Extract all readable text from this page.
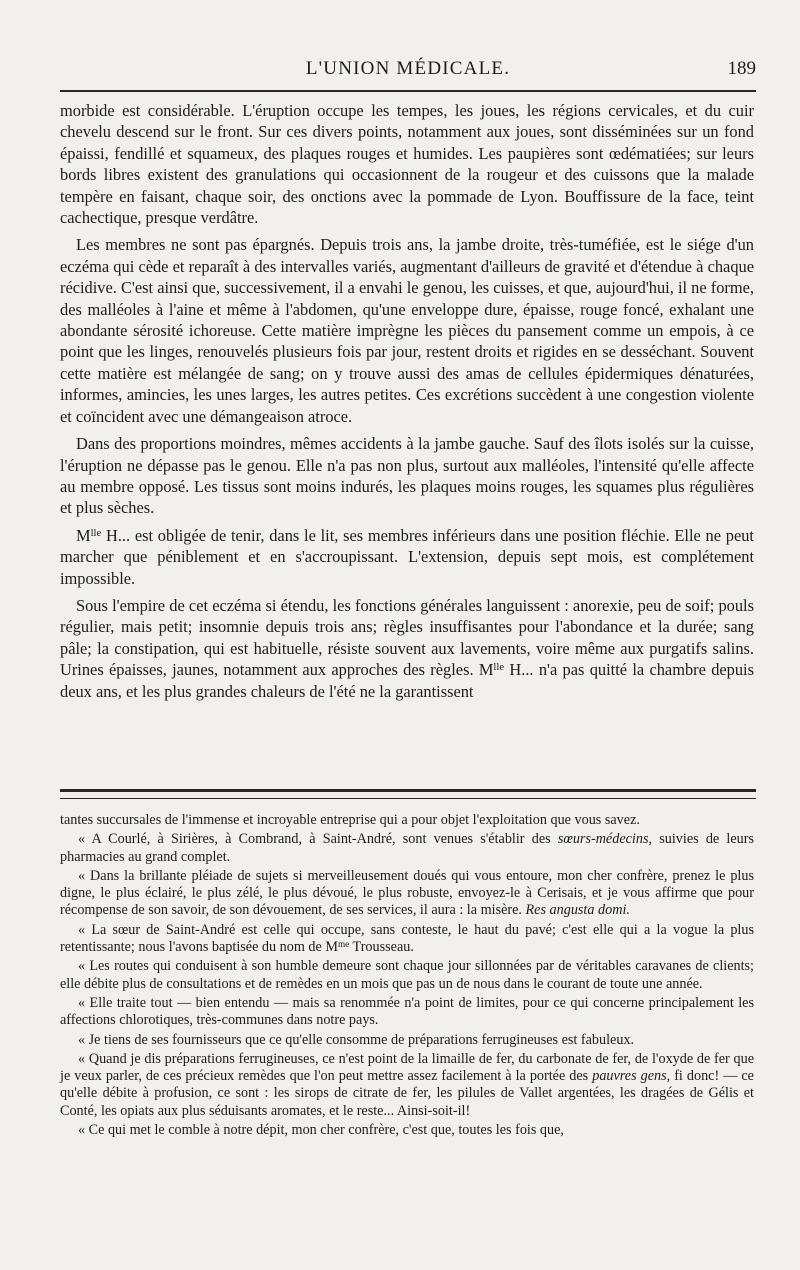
L'UNION MÉDICALE.	189

morbide est considérable. L'éruption occupe les tempes, les joues, les régions cervicales, et du cuir chevelu descend sur le front. Sur ces divers points, notamment aux joues, sont disséminées sur un fond épaissi, fendillé et squameux, des plaques rouges et humides. Les paupières sont œdématiées; sur leurs bords libres existent des granulations qui occasionnent de la rougeur et des cuissons que la malade tempère en faisant, chaque soir, des onctions avec la pommade de Lyon. Bouffissure de la face, teint cachectique, presque verdâtre.

Les membres ne sont pas épargnés. Depuis trois ans, la jambe droite, très-tuméfiée, est le siége d'un eczéma qui cède et reparaît à des intervalles variés, augmentant d'ailleurs de gravité et d'étendue à chaque récidive. C'est ainsi que, successivement, il a envahi le genou, les cuisses, et que, aujourd'hui, il ne forme, des malléoles à l'aine et même à l'abdomen, qu'une enveloppe dure, épaisse, rouge foncé, exhalant une abondante sérosité ichoreuse. Cette matière imprègne les pièces du pansement comme un empois, à ce point que les linges, renouvelés plusieurs fois par jour, restent droits et rigides en se desséchant. Souvent cette matière est mélangée de sang; on y trouve aussi des amas de cellules épidermiques dénaturées, informes, amincies, les unes larges, les autres petites. Ces excrétions succèdent à une congestion violente et coïncident avec une démangeaison atroce.

Dans des proportions moindres, mêmes accidents à la jambe gauche. Sauf des îlots isolés sur la cuisse, l'éruption ne dépasse pas le genou. Elle n'a pas non plus, surtout aux malléoles, l'intensité qu'elle affecte au membre opposé. Les tissus sont moins indurés, les plaques moins rouges, les squames plus régulières et plus sèches.

$M^{lle}$ H... est obligée de tenir, dans le lit, ses membres inférieurs dans une position fléchie. Elle ne peut marcher que péniblement et en s'accroupissant. L'extension, depuis sept mois, est complétement impossible.

Sous l'empire de cet eczéma si étendu, les fonctions générales languissent : anorexie, peu de soif; pouls régulier, mais petit; insomnie depuis trois ans; règles insuffisantes pour l'abondance et la durée; sang pâle; la constipation, qui est habituelle, résiste souvent aux lavements, voire même aux purgatifs salins. Urines épaisses, jaunes, notamment aux approches des règles. $M^{lle}$ H... n'a pas quitté la chambre depuis deux ans, et les plus grandes chaleurs de l'été ne la garantissent

tantes succursales de l'immense et incroyable entreprise qui a pour objet l'exploitation que vous savez.

« A Courlé, à Sirières, à Combrand, à Saint-André, sont venues s'établir des sœurs-médecins, suivies de leurs pharmacies au grand complet.

« Dans la brillante pléiade de sujets si merveilleusement doués qui vous entoure, mon cher confrère, prenez le plus digne, le plus éclairé, le plus zélé, le plus dévoué, le plus robuste, envoyez-le à Cerisais, et je vous affirme que pour récompense de son savoir, de son dévouement, de ses services, il aura : la misère. Res angusta domi.

« La sœur de Saint-André est celle qui occupe, sans conteste, le haut du pavé; c'est elle qui a la vogue la plus retentissante; nous l'avons baptisée du nom de $M^{me}$ Trousseau.

« Les routes qui conduisent à son humble demeure sont chaque jour sillonnées par de véritables caravanes de clients; elle débite plus de consultations et de remèdes en un mois que pas un de nous dans le courant de toute une année.

« Elle traite tout — bien entendu — mais sa renommée n'a point de limites, pour ce qui concerne principalement les affections chlorotiques, très-communes dans notre pays.

« Je tiens de ses fournisseurs que ce qu'elle consomme de préparations ferrugineuses est fabuleux.

« Quand je dis préparations ferrugineuses, ce n'est point de la limaille de fer, du carbonate de fer, de l'oxyde de fer que je veux parler, de ces précieux remèdes que l'on peut mettre assez facilement à la portée des pauvres gens, fi donc! — ce qu'elle débite à profusion, ce sont : les sirops de citrate de fer, les pilules de Vallet argentées, les dragées de Gélis et Conté, les opiats aux plus séduisants aromates, et le reste... Ainsi-soit-il!

« Ce qui met le comble à notre dépit, mon cher confrère, c'est que, toutes les fois que,
